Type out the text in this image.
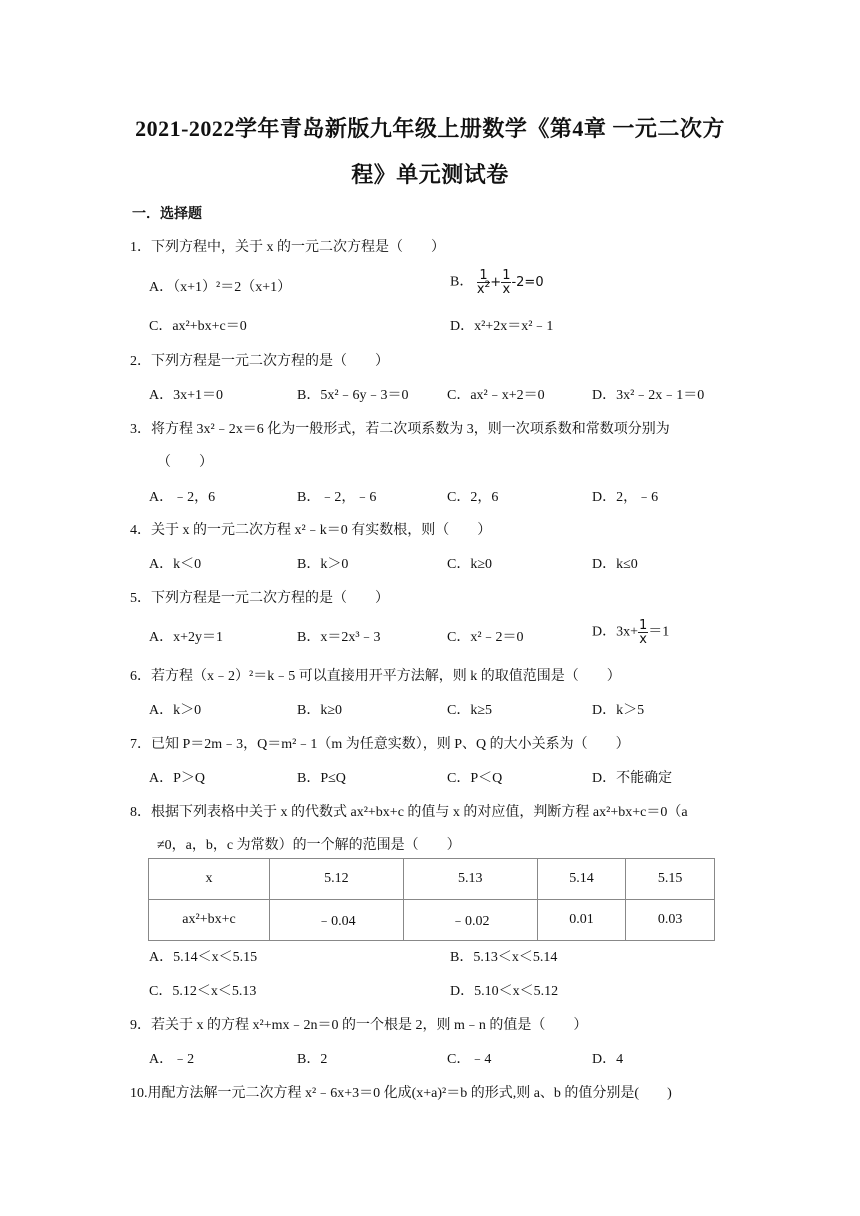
2021-2022学年青岛新版九年级上册数学《第4章 一元二次方
程》单元测试卷
一．选择题
1．下列方程中，关于 x 的一元二次方程是（　　）
A．（x+1）²＝2（x+1）	B． $\frac{1}{x^2} + \frac{1}{x} -2=0$
C．ax²+bx+c＝0	D．x²+2x＝x²﹣1
2．下列方程是一元二次方程的是（　　）
A．3x+1＝0	B．5x²﹣6y﹣3＝0	C．ax²﹣x+2＝0	D．3x²﹣2x﹣1＝0
3．将方程 3x²﹣2x＝6 化为一般形式，若二次项系数为 3，则一次项系数和常数项分别为
（　　）
A．﹣2，6	B．﹣2，﹣6	C．2，6	D．2，﹣6
4．关于 x 的一元二次方程 x²﹣k＝0 有实数根，则（　　）
A．k＜0	B．k＞0	C．k≥0	D．k≤0
5．下列方程是一元二次方程的是（　　）
A．x+2y＝1	B．x＝2x³﹣3	C．x²﹣2＝0	D．$3x+ \frac{1}{x} =1$
6．若方程（x﹣2）²＝k﹣5 可以直接用开平方法解，则 k 的取值范围是（　　）
A．k＞0	B．k≥0	C．k≥5	D．k＞5
7．已知 P＝2m﹣3，Q＝m²﹣1（m 为任意实数），则 P、Q 的大小关系为（　　）
A．P＞Q	B．P≤Q	C．P＜Q	D．不能确定
8．根据下列表格中关于 x 的代数式 ax²+bx+c 的值与 x 的对应值，判断方程 ax²+bx+c＝0（a
≠0，a，b，c 为常数）的一个解的范围是（　　）
x	5.12	5.13	5.14	5.15
ax²+bx+c	﹣0.04	﹣0.02	0.01	0.03
A．5.14＜x＜5.15	B．5.13＜x＜5.14
C．5.12＜x＜5.13	D．5.10＜x＜5.12
9．若关于 x 的方程 x²+mx﹣2n＝0 的一个根是 2，则 m﹣n 的值是（　　）
A．﹣2	B．2	C．﹣4	D．4
10.用配方法解一元二次方程 x²﹣6x+3＝0 化成(x+a)²＝b 的形式,则 a、b 的值分别是(　　)
